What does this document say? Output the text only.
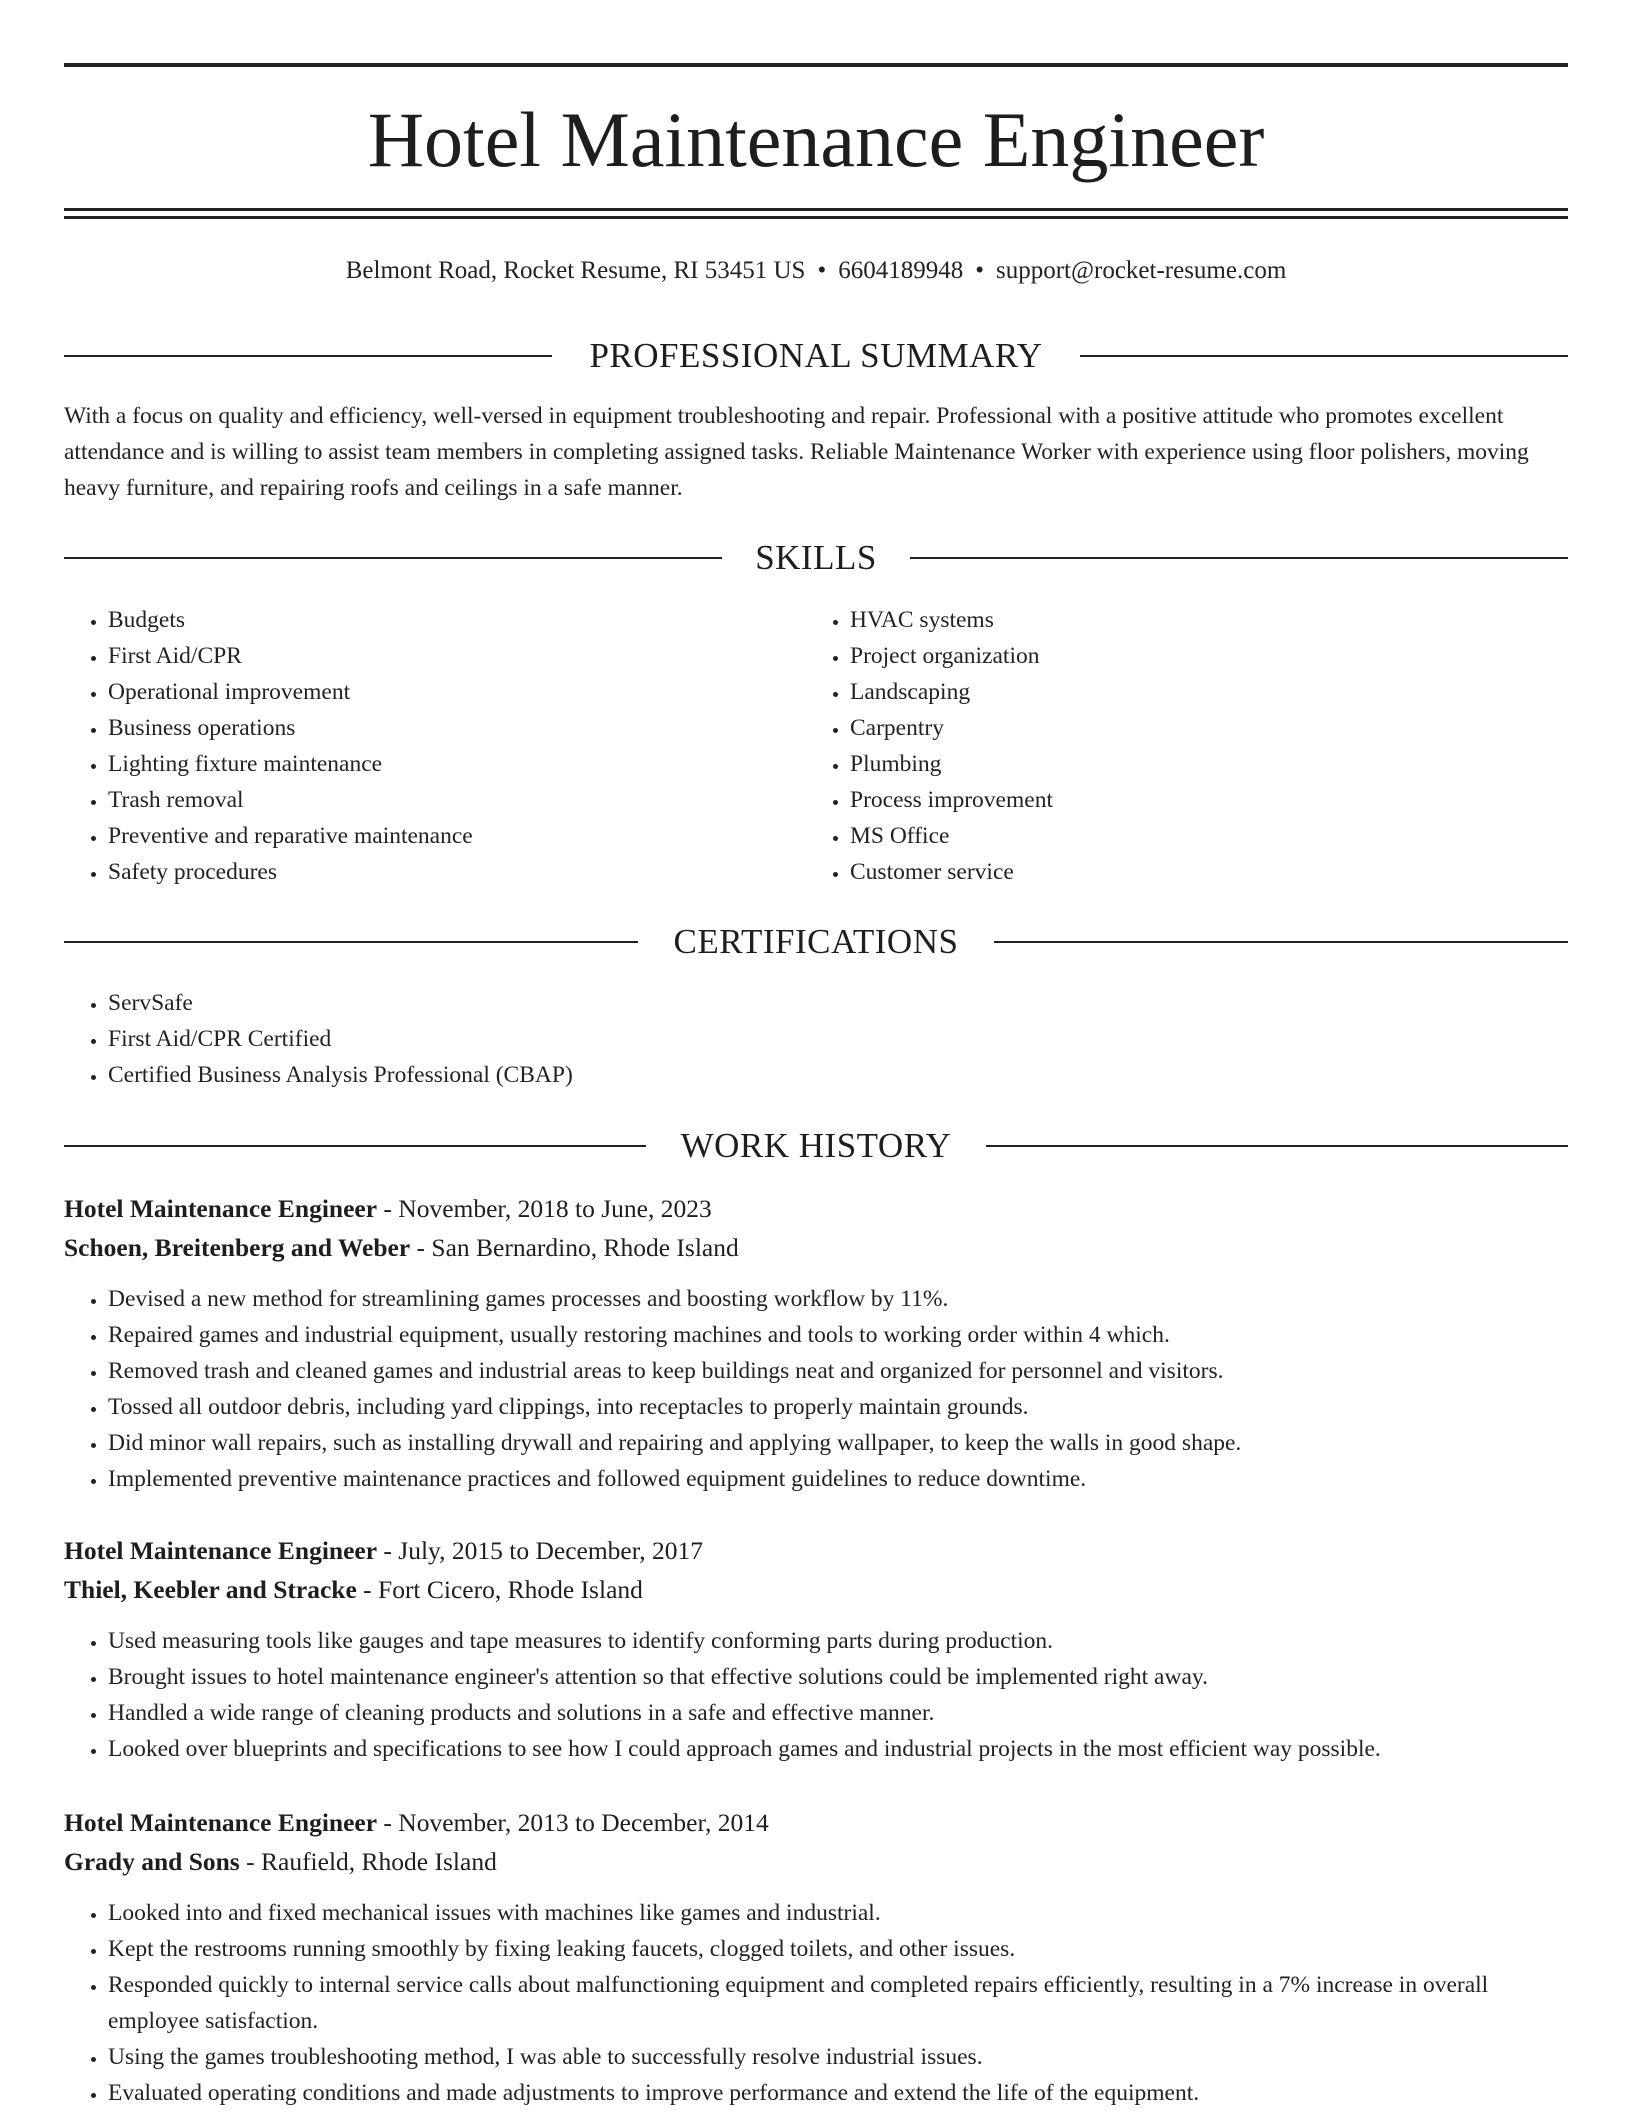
Hotel Maintenance Engineer
Belmont Road, Rocket Resume, RI 53451 US • 6604189948 • support@rocket-resume.com
PROFESSIONAL SUMMARY

With a focus on quality and efficiency, well-versed in equipment troubleshooting and repair. Professional with a positive attitude who promotes excellent attendance and is willing to assist team members in completing assigned tasks. Reliable Maintenance Worker with experience using floor polishers, moving heavy furniture, and repairing roofs and ceilings in a safe manner.

SKILLS
• Budgets
• First Aid/CPR
• Operational improvement
• Business operations
• Lighting fixture maintenance
• Trash removal
• Preventive and reparative maintenance
• Safety procedures
• HVAC systems
• Project organization
• Landscaping
• Carpentry
• Plumbing
• Process improvement
• MS Office
• Customer service
CERTIFICATIONS
• ServSafe
• First Aid/CPR Certified
• Certified Business Analysis Professional (CBAP)
WORK HISTORY
Hotel Maintenance Engineer - November, 2018 to June, 2023
Schoen, Breitenberg and Weber - San Bernardino, Rhode Island
• Devised a new method for streamlining games processes and boosting workflow by 11%.
• Repaired games and industrial equipment, usually restoring machines and tools to working order within 4 which.
• Removed trash and cleaned games and industrial areas to keep buildings neat and organized for personnel and visitors.
• Tossed all outdoor debris, including yard clippings, into receptacles to properly maintain grounds.
• Did minor wall repairs, such as installing drywall and repairing and applying wallpaper, to keep the walls in good shape.
• Implemented preventive maintenance practices and followed equipment guidelines to reduce downtime.
Hotel Maintenance Engineer - July, 2015 to December, 2017
Thiel, Keebler and Stracke - Fort Cicero, Rhode Island
• Used measuring tools like gauges and tape measures to identify conforming parts during production.
• Brought issues to hotel maintenance engineer's attention so that effective solutions could be implemented right away.
• Handled a wide range of cleaning products and solutions in a safe and effective manner.
• Looked over blueprints and specifications to see how I could approach games and industrial projects in the most efficient way possible.
Hotel Maintenance Engineer - November, 2013 to December, 2014
Grady and Sons - Raufield, Rhode Island
• Looked into and fixed mechanical issues with machines like games and industrial.
• Kept the restrooms running smoothly by fixing leaking faucets, clogged toilets, and other issues.
• Responded quickly to internal service calls about malfunctioning equipment and completed repairs efficiently, resulting in a 7% increase in overall employee satisfaction.
• Using the games troubleshooting method, I was able to successfully resolve industrial issues.
• Evaluated operating conditions and made adjustments to improve performance and extend the life of the equipment.
